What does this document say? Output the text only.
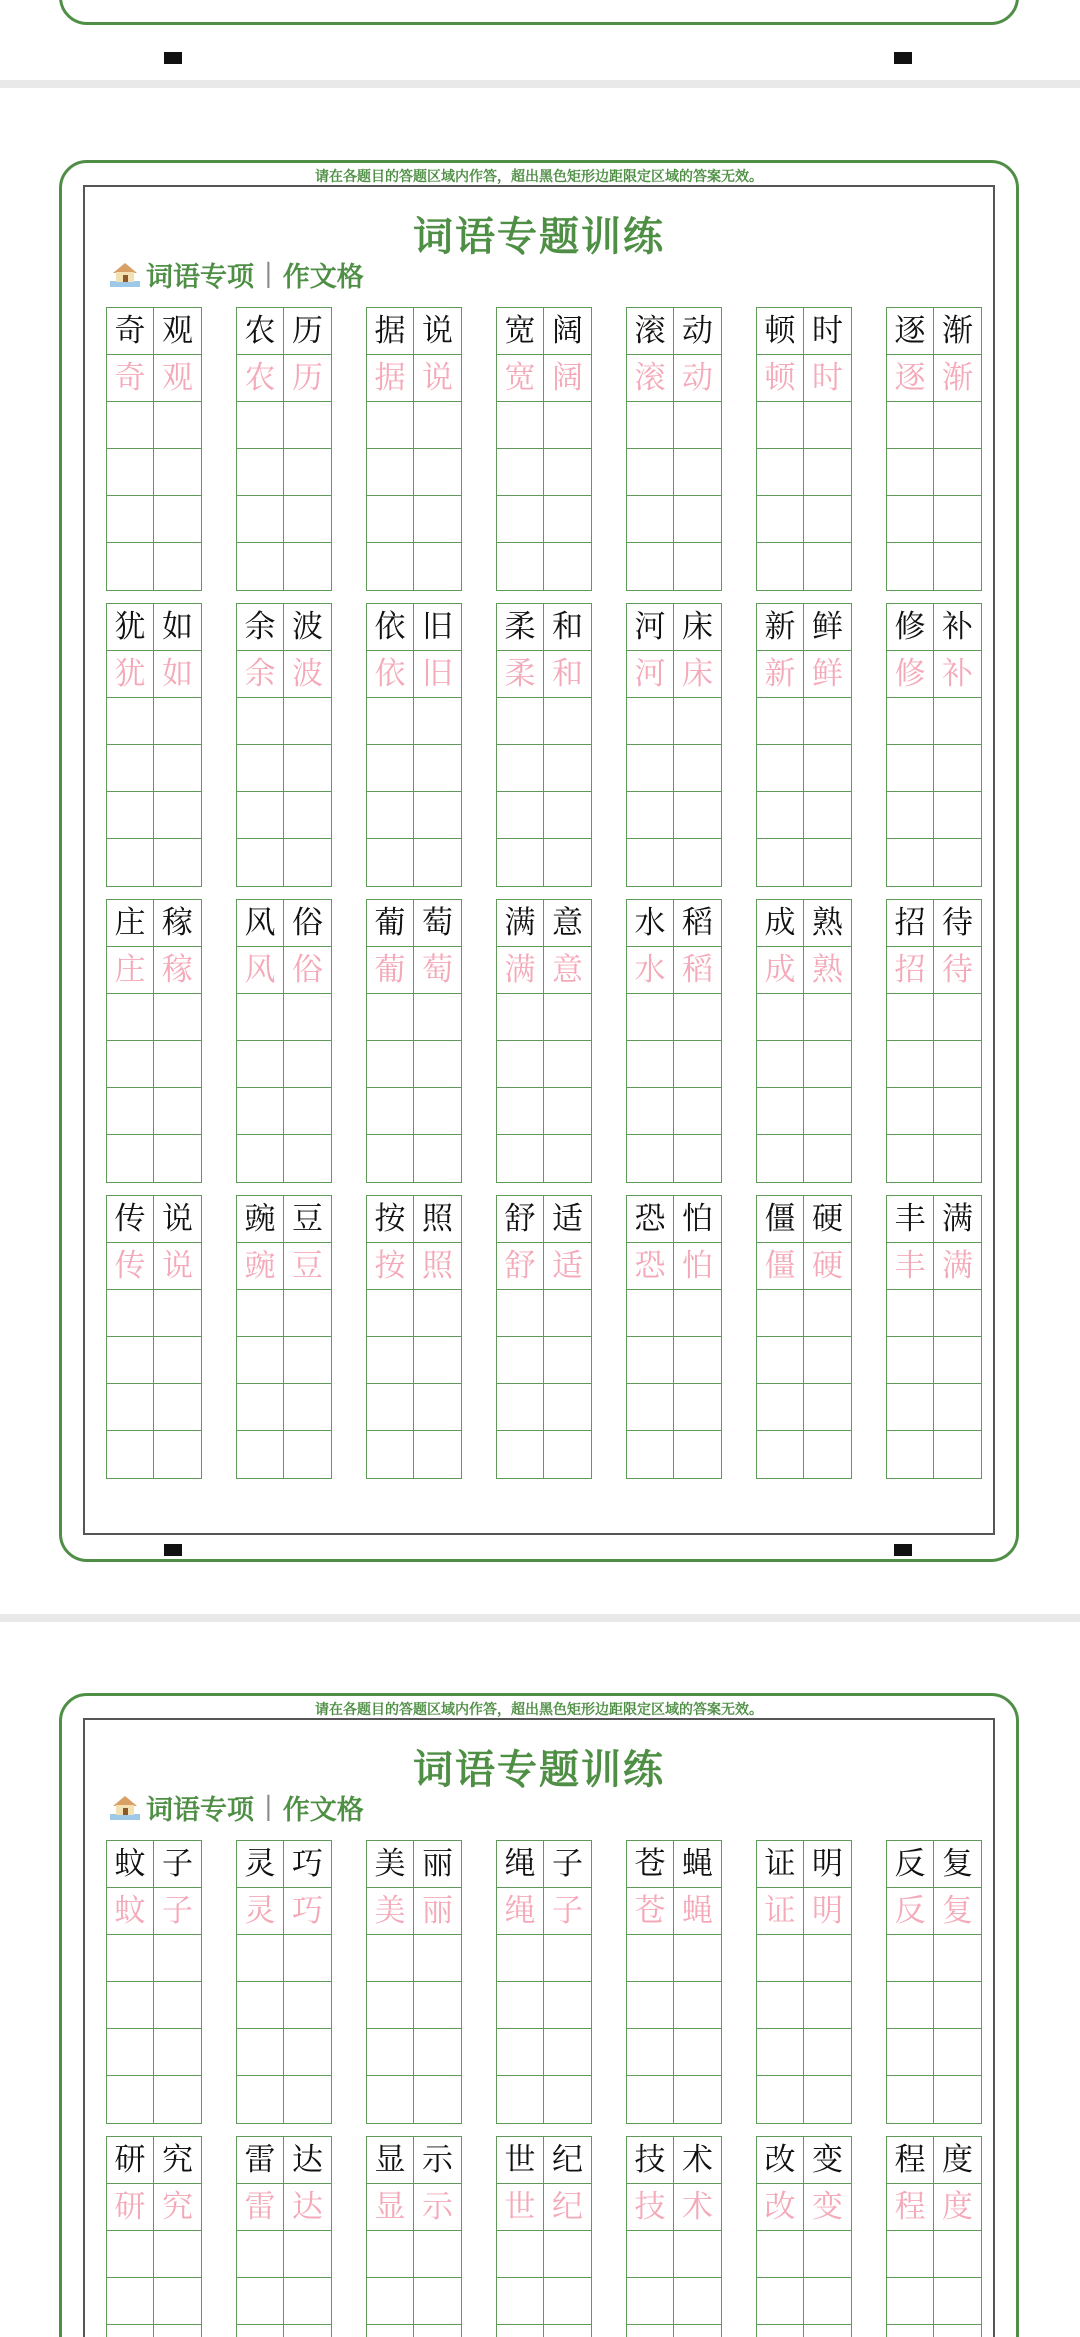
请在各题目的答题区域内作答，超出黑色矩形边距限定区域的答案无效。
词语专题训练
词语专项 | 作文格
奇 观
奇 观
农 历
农 历
据 说
据 说
宽 阔
宽 阔
滚 动
滚 动
顿 时
顿 时
逐 渐
逐 渐
犹 如
犹 如
余 波
余 波
依 旧
依 旧
柔 和
柔 和
河 床
河 床
新 鲜
新 鲜
修 补
修 补
庄 稼
庄 稼
风 俗
风 俗
葡 萄
葡 萄
满 意
满 意
水 稻
水 稻
成 熟
成 熟
招 待
招 待
传 说
传 说
豌 豆
豌 豆
按 照
按 照
舒 适
舒 适
恐 怕
恐 怕
僵 硬
僵 硬
丰 满
丰 满
请在各题目的答题区域内作答，超出黑色矩形边距限定区域的答案无效。
词语专题训练
词语专项 | 作文格
蚊 子
蚊 子
灵 巧
灵 巧
美 丽
美 丽
绳 子
绳 子
苍 蝇
苍 蝇
证 明
证 明
反 复
反 复
研 究
研 究
雷 达
雷 达
显 示
显 示
世 纪
世 纪
技 术
技 术
改 变
改 变
程 度
程 度
